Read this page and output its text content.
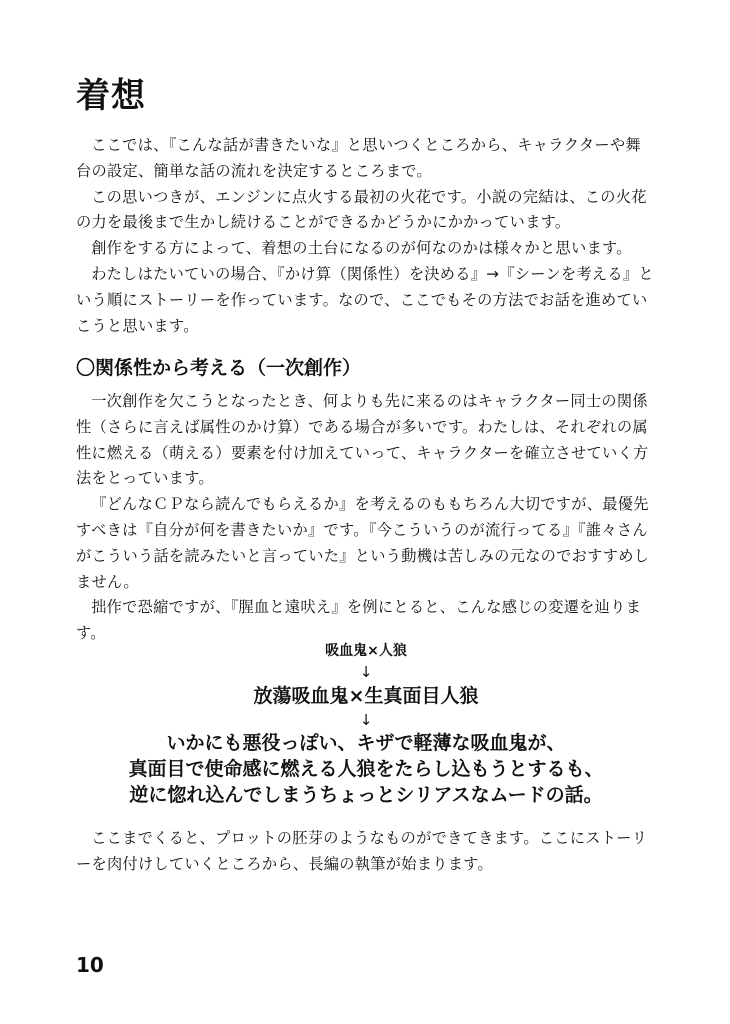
着想

ここでは、『こんな話が書きたいな』と思いつくところから、キャラクターや舞台の設定、簡単な話の流れを決定するところまで。

この思いつきが、エンジンに点火する最初の火花です。小説の完結は、この火花の力を最後まで生かし続けることができるかどうかにかかっています。

創作をする方によって、着想の土台になるのが何なのかは様々かと思います。

わたしはたいていの場合、『かけ算（関係性）を決める』→『シーンを考える』という順にストーリーを作っています。なので、ここでもその方法でお話を進めていこうと思います。

〇関係性から考える（一次創作）

一次創作を欠こうとなったとき、何よりも先に来るのはキャラクター同士の関係性（さらに言えば属性のかけ算）である場合が多いです。わたしは、それぞれの属性に燃える（萌える）要素を付け加えていって、キャラクターを確立させていく方法をとっています。

『どんなＣＰなら読んでもらえるか』を考えるのももちろん大切ですが、最優先すべきは『自分が何を書きたいか』です。『今こういうのが流行ってる』『誰々さんがこういう話を読みたいと言っていた』という動機は苦しみの元なのでおすすめしません。

拙作で恐縮ですが、『腥血と遠吠え』を例にとると、こんな感じの変遷を辿ります。

吸血鬼×人狼
↓
放蕩吸血鬼×生真面目人狼
↓
いかにも悪役っぽい、キザで軽薄な吸血鬼が、
真面目で使命感に燃える人狼をたらし込もうとするも、
逆に惚れ込んでしまうちょっとシリアスなムードの話。

ここまでくると、プロットの胚芽のようなものができてきます。ここにストーリーを肉付けしていくところから、長編の執筆が始まります。

10
